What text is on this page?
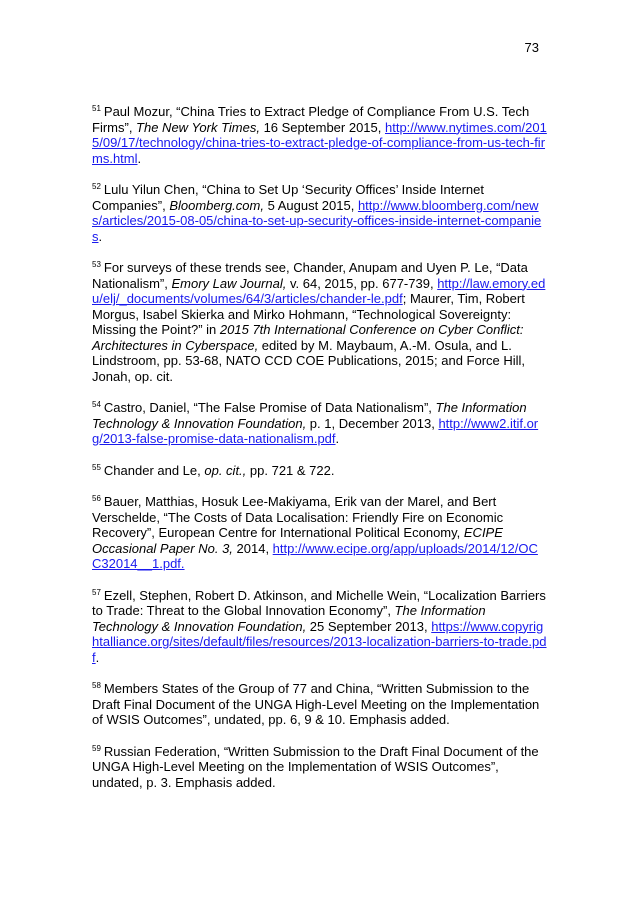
73

$^{51}$ Paul Mozur, “China Tries to Extract Pledge of Compliance From U.S. Tech Firms”, The New York Times, 16 September 2015, http://www.nytimes.com/2015/09/17/technology/china-tries-to-extract-pledge-of-compliance-from-us-tech-firms.html.

$^{52}$ Lulu Yilun Chen, “China to Set Up ‘Security Offices’ Inside Internet Companies”, Bloomberg.com, 5 August 2015, http://www.bloomberg.com/news/articles/2015-08-05/china-to-set-up-security-offices-inside-internet-companies.

$^{53}$ For surveys of these trends see, Chander, Anupam and Uyen P. Le, “Data Nationalism”, Emory Law Journal, v. 64, 2015, pp. 677-739, http://law.emory.edu/elj/_documents/volumes/64/3/articles/chander-le.pdf; Maurer, Tim, Robert Morgus, Isabel Skierka and Mirko Hohmann, “Technological Sovereignty: Missing the Point?” in 2015 7th International Conference on Cyber Conflict: Architectures in Cyberspace, edited by M. Maybaum, A.-M. Osula, and L. Lindstroom, pp. 53-68, NATO CCD COE Publications, 2015; and Force Hill, Jonah, op. cit.

$^{54}$ Castro, Daniel, “The False Promise of Data Nationalism”, The Information Technology & Innovation Foundation, p. 1, December 2013, http://www2.itif.org/2013-false-promise-data-nationalism.pdf.

$^{55}$ Chander and Le, op. cit., pp. 721 & 722.

$^{56}$ Bauer, Matthias, Hosuk Lee-Makiyama, Erik van der Marel, and Bert Verschelde, “The Costs of Data Localisation: Friendly Fire on Economic Recovery”, European Centre for International Political Economy, ECIPE Occasional Paper No. 3, 2014, http://www.ecipe.org/app/uploads/2014/12/OCC32014__1.pdf.

$^{57}$ Ezell, Stephen, Robert D. Atkinson, and Michelle Wein, “Localization Barriers to Trade: Threat to the Global Innovation Economy”, The Information Technology & Innovation Foundation, 25 September 2013, https://www.copyrightalliance.org/sites/default/files/resources/2013-localization-barriers-to-trade.pdf.

$^{58}$ Members States of the Group of 77 and China, “Written Submission to the Draft Final Document of the UNGA High-Level Meeting on the Implementation of WSIS Outcomes”, undated, pp. 6, 9 & 10. Emphasis added.

$^{59}$ Russian Federation, “Written Submission to the Draft Final Document of the UNGA High-Level Meeting on the Implementation of WSIS Outcomes”, undated, p. 3. Emphasis added.
